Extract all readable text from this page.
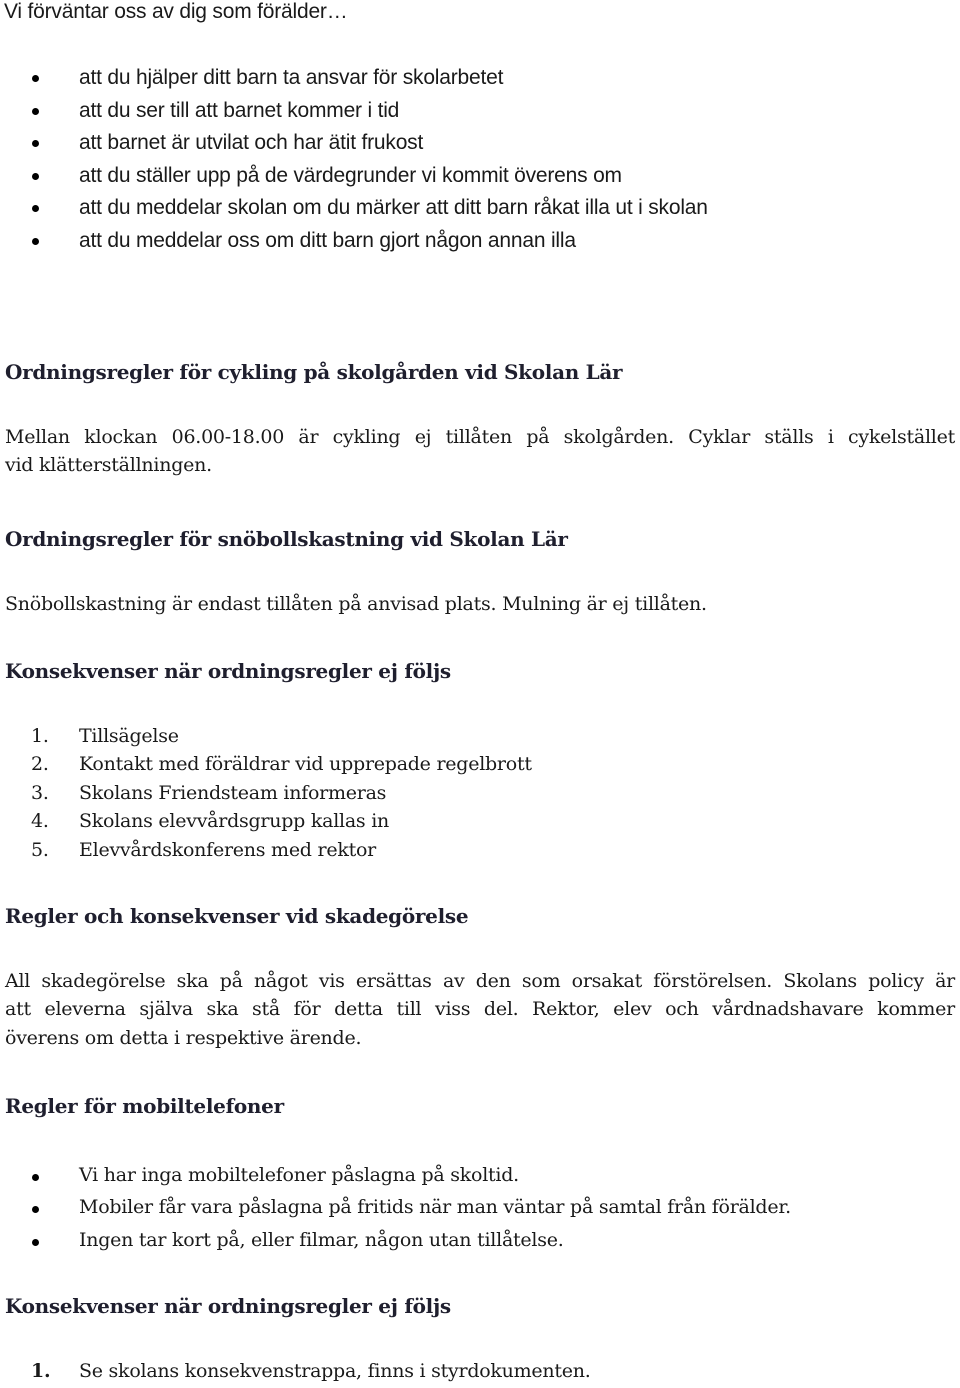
Vi förväntar oss av dig som förälder…
att du hjälper ditt barn ta ansvar för skolarbetet
att du ser till att barnet kommer i tid
att barnet är utvilat och har ätit frukost
att du ställer upp på de värdegrunder vi kommit överens om
att du meddelar skolan om du märker att ditt barn råkat illa ut i skolan
att du meddelar oss om ditt barn gjort någon annan illa
Ordningsregler för cykling på skolgården vid Skolan Lär
Mellan klockan 06.00-18.00 är cykling ej tillåten på skolgården. Cyklar ställs i cykelstället
vid klätterställningen.
Ordningsregler för snöbollskastning vid Skolan Lär
Snöbollskastning är endast tillåten på anvisad plats. Mulning är ej tillåten.
Konsekvenser när ordningsregler ej följs
1. Tillsägelse
2. Kontakt med föräldrar vid upprepade regelbrott
3. Skolans Friendsteam informeras
4. Skolans elevvårdsgrupp kallas in
5. Elevvårdskonferens med rektor
Regler och konsekvenser vid skadegörelse
All skadegörelse ska på något vis ersättas av den som orsakat förstörelsen. Skolans policy är
att eleverna själva ska stå för detta till viss del. Rektor, elev och vårdnadshavare kommer
överens om detta i respektive ärende.
Regler för mobiltelefoner
Vi har inga mobiltelefoner påslagna på skoltid.
Mobiler får vara påslagna på fritids när man väntar på samtal från förälder.
Ingen tar kort på, eller filmar, någon utan tillåtelse.
Konsekvenser när ordningsregler ej följs
1. Se skolans konsekvenstrappa, finns i styrdokumenten.
